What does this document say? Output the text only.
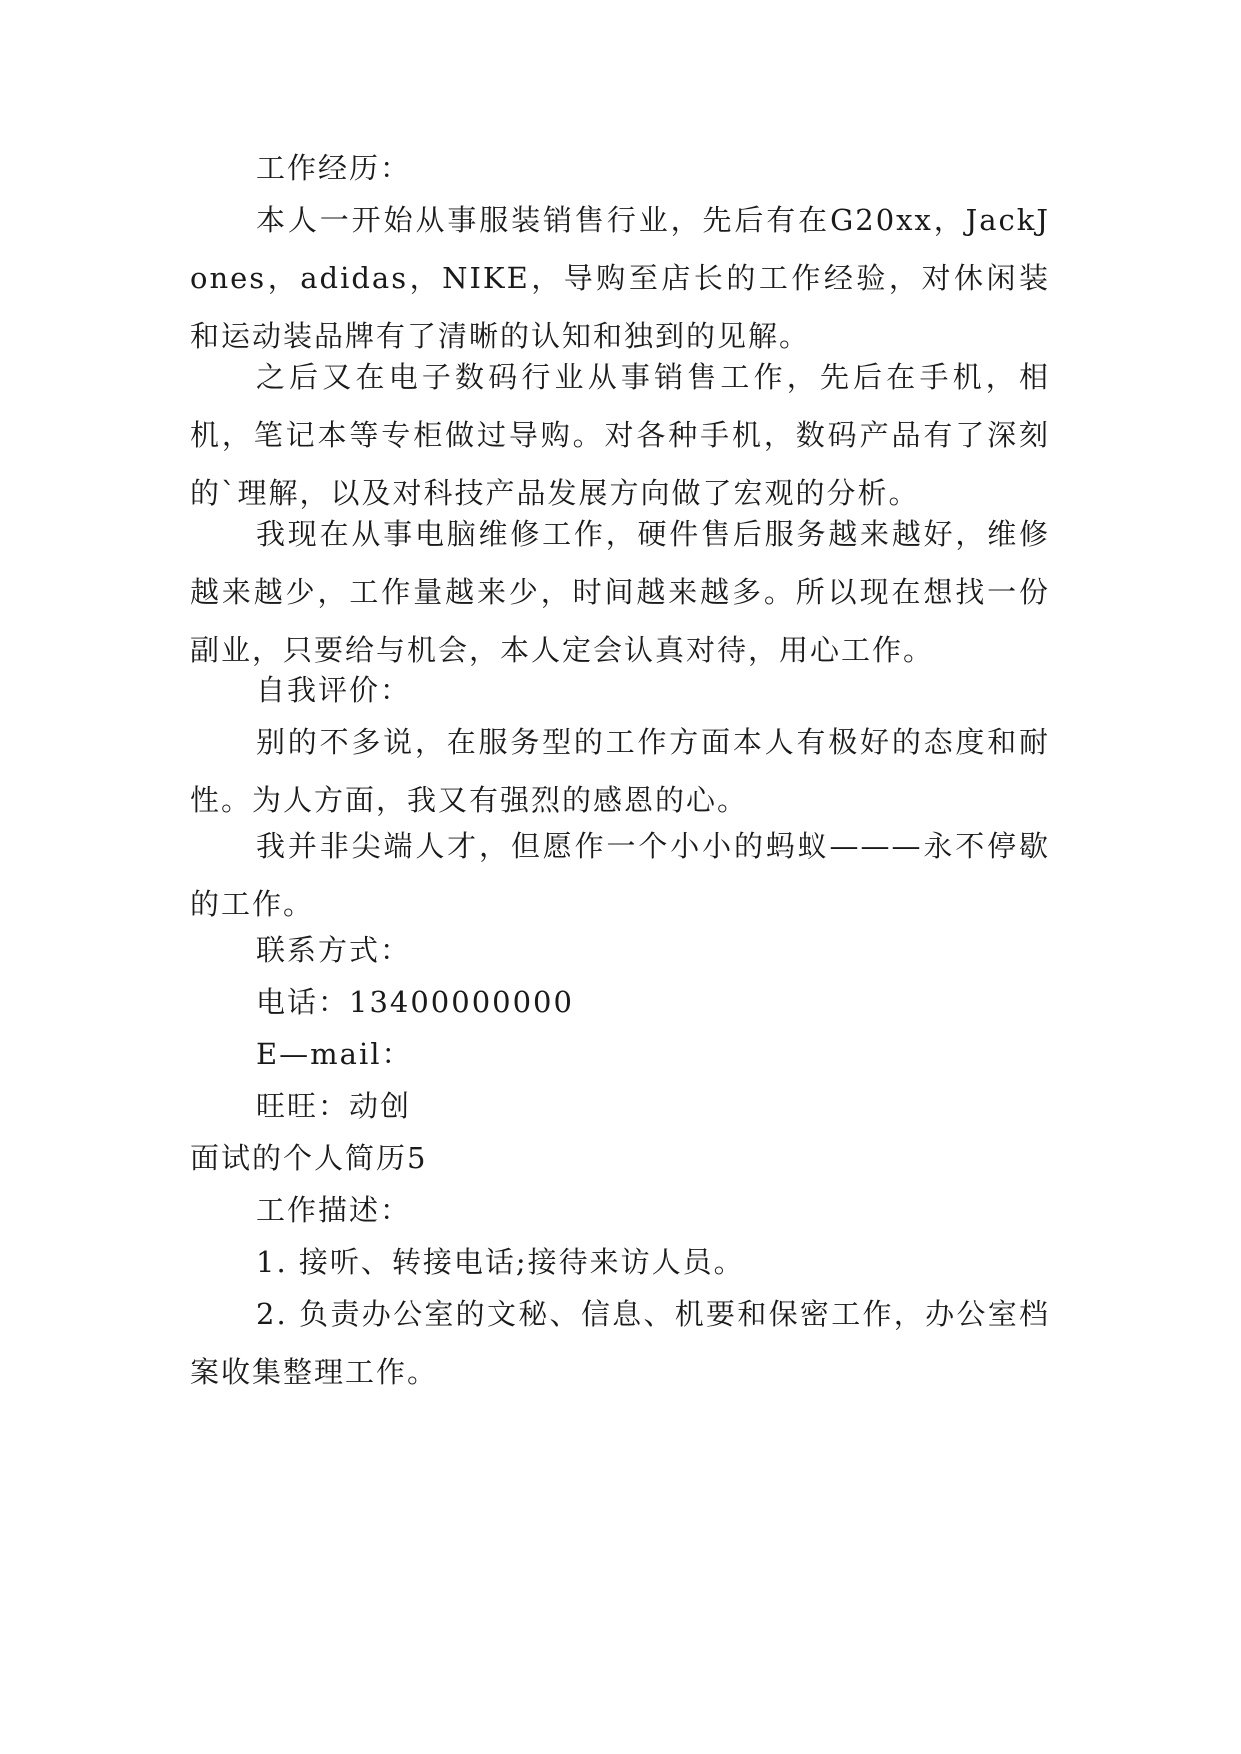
工作经历：

本人一开始从事服装销售行业，先后有在G20xx，JackJones，adidas，NIKE，导购至店长的工作经验，对休闲装和运动装品牌有了清晰的认知和独到的见解。

之后又在电子数码行业从事销售工作，先后在手机，相机，笔记本等专柜做过导购。对各种手机，数码产品有了深刻的`理解，以及对科技产品发展方向做了宏观的分析。

我现在从事电脑维修工作，硬件售后服务越来越好，维修越来越少，工作量越来少，时间越来越多。所以现在想找一份副业，只要给与机会，本人定会认真对待，用心工作。

自我评价：

别的不多说，在服务型的工作方面本人有极好的态度和耐性。为人方面，我又有强烈的感恩的心。

我并非尖端人才，但愿作一个小小的蚂蚁———永不停歇的工作。

联系方式：

电话：13400000000

E—mail：

旺旺：动创

面试的个人简历5

工作描述：

1. 接听、转接电话;接待来访人员。

2. 负责办公室的文秘、信息、机要和保密工作，办公室档案收集整理工作。
